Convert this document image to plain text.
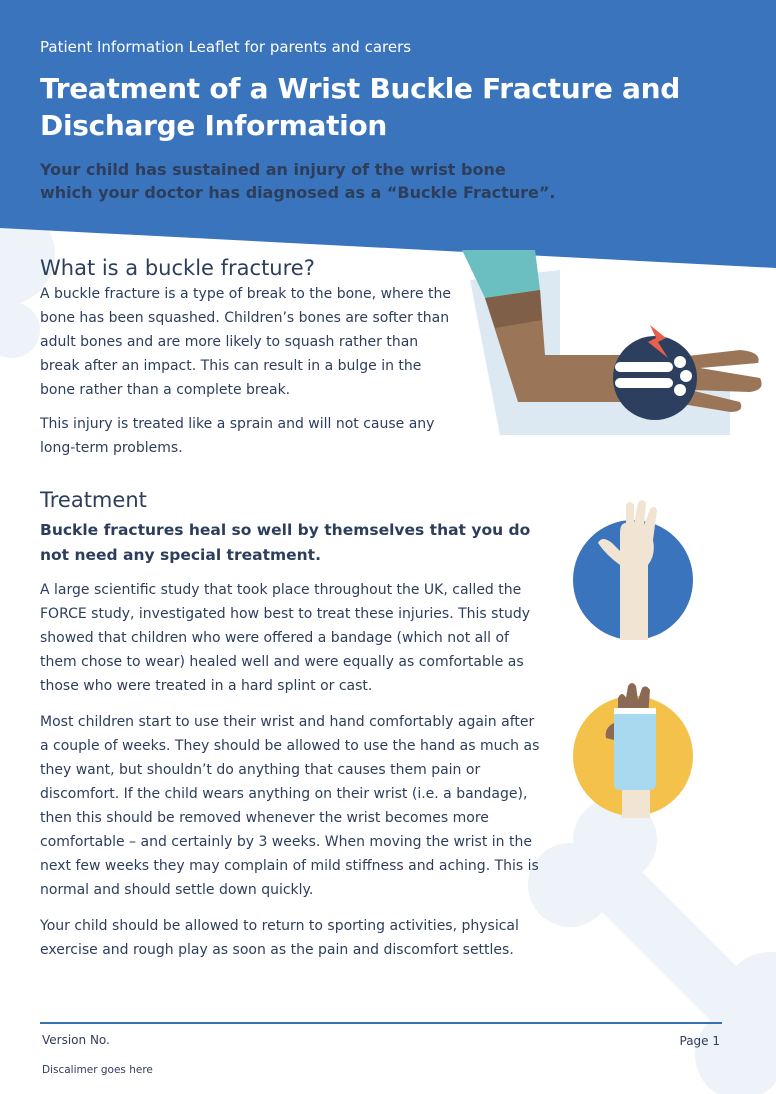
Patient Information Leaflet for parents and carers
Treatment of a Wrist Buckle Fracture and Discharge Information

Your child has sustained an injury of the wrist bone which your doctor has diagnosed as a “Buckle Fracture”.

What is a buckle fracture?

A buckle fracture is a type of break to the bone, where the bone has been squashed. Children’s bones are softer than adult bones and are more likely to squash rather than break after an impact. This can result in a bulge in the bone rather than a complete break.

This injury is treated like a sprain and will not cause any long-term problems.

Treatment

Buckle fractures heal so well by themselves that you do not need any special treatment.

A large scientific study that took place throughout the UK, called the FORCE study, investigated how best to treat these injuries. This study showed that children who were offered a bandage (which not all of them chose to wear) healed well and were equally as comfortable as those who were treated in a hard splint or cast.

Most children start to use their wrist and hand comfortably again after a couple of weeks. They should be allowed to use the hand as much as they want, but shouldn’t do anything that causes them pain or discomfort. If the child wears anything on their wrist (i.e. a bandage), then this should be removed whenever the wrist becomes more comfortable – and certainly by 3 weeks. When moving the wrist in the next few weeks they may complain of mild stiffness and aching. This is normal and should settle down quickly.

Your child should be allowed to return to sporting activities, physical exercise and rough play as soon as the pain and discomfort settles.

Version No.	Page 1
Discalimer goes here
